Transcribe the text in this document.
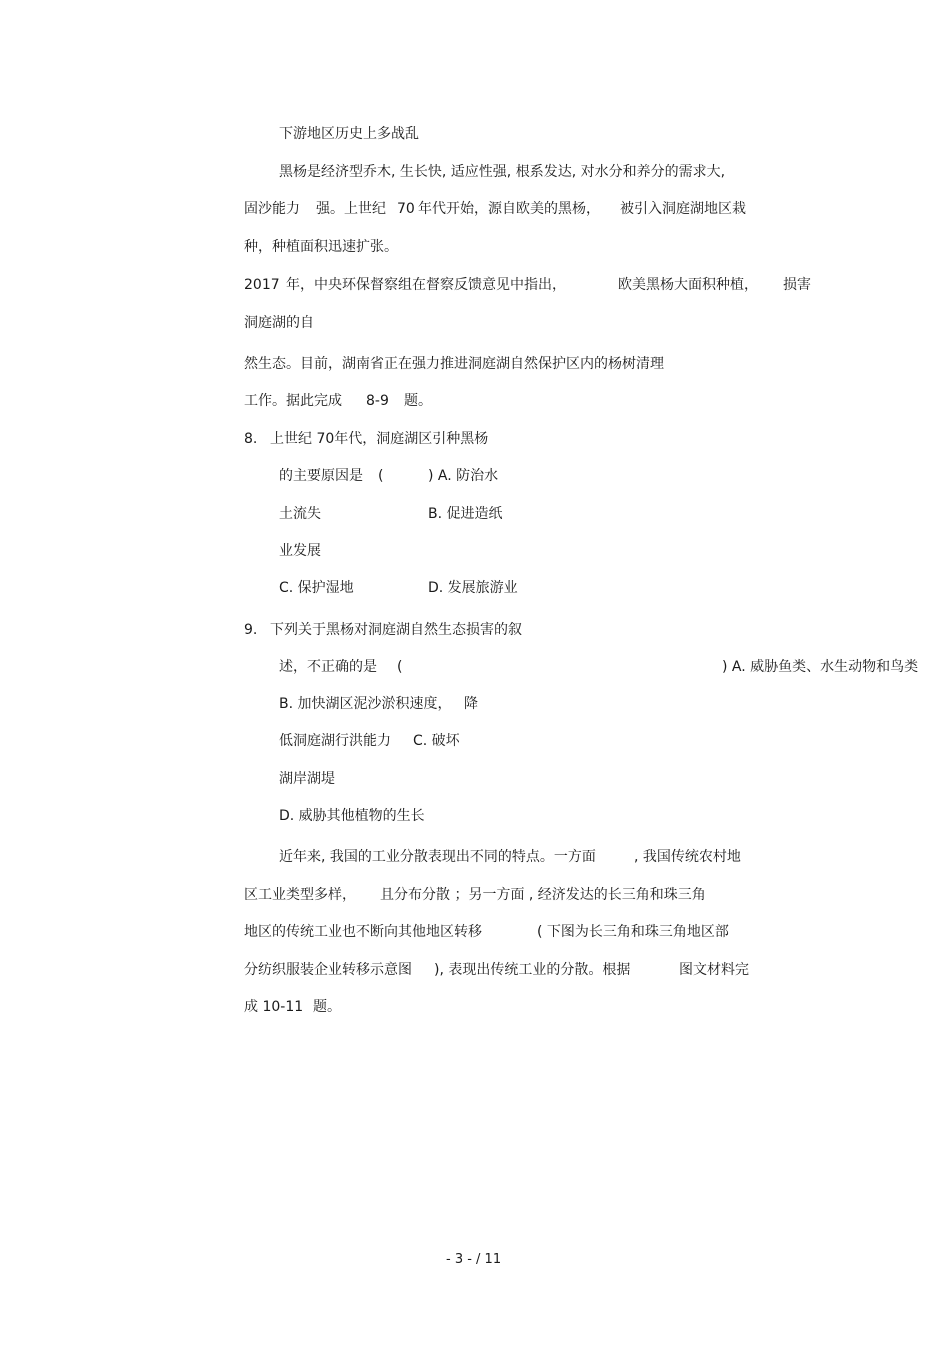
下游地区历史上多战乱
黑杨是经济型乔木, 生长快, 适应性强, 根系发达, 对水分和养分的需求大,
固沙能力 强。上世纪 70 年代开始，源自欧美的黑杨， 被引入洞庭湖地区栽
种，种植面积迅速扩张。
2017 年，中央环保督察组在督察反馈意见中指出，	欧美黑杨大面积种植， 损害
洞庭湖的自
然生态。目前，湖南省正在强力推进洞庭湖自然保护区内的杨树清理
工作。据此完成 8-9 题。
8. 上世纪 70年代，洞庭湖区引种黑杨
的主要原因是 (	) A. 防治水
土流失	B. 促进造纸
业发展
C. 保护湿地	D. 发展旅游业
9. 下列关于黑杨对洞庭湖自然生态损害的叙
述，不正确的是 (	) A. 威胁鱼类、水生动物和鸟类
B. 加快湖区泥沙淤积速度， 降
低洞庭湖行洪能力 C. 破坏
湖岸湖堤
D. 威胁其他植物的生长
近年来, 我国的工业分散表现出不同的特点。一方面	, 我国传统农村地
区工业类型多样， 且分布分散 ；另一方面 , 经济发达的长三角和珠三角
地区的传统工业也不断向其他地区转移	( 下图为长三角和珠三角地区部
分纺织服装企业转移示意图 ), 表现出传统工业的分散。根据	图文材料完
成 10-11 题。
- 3 - / 11
